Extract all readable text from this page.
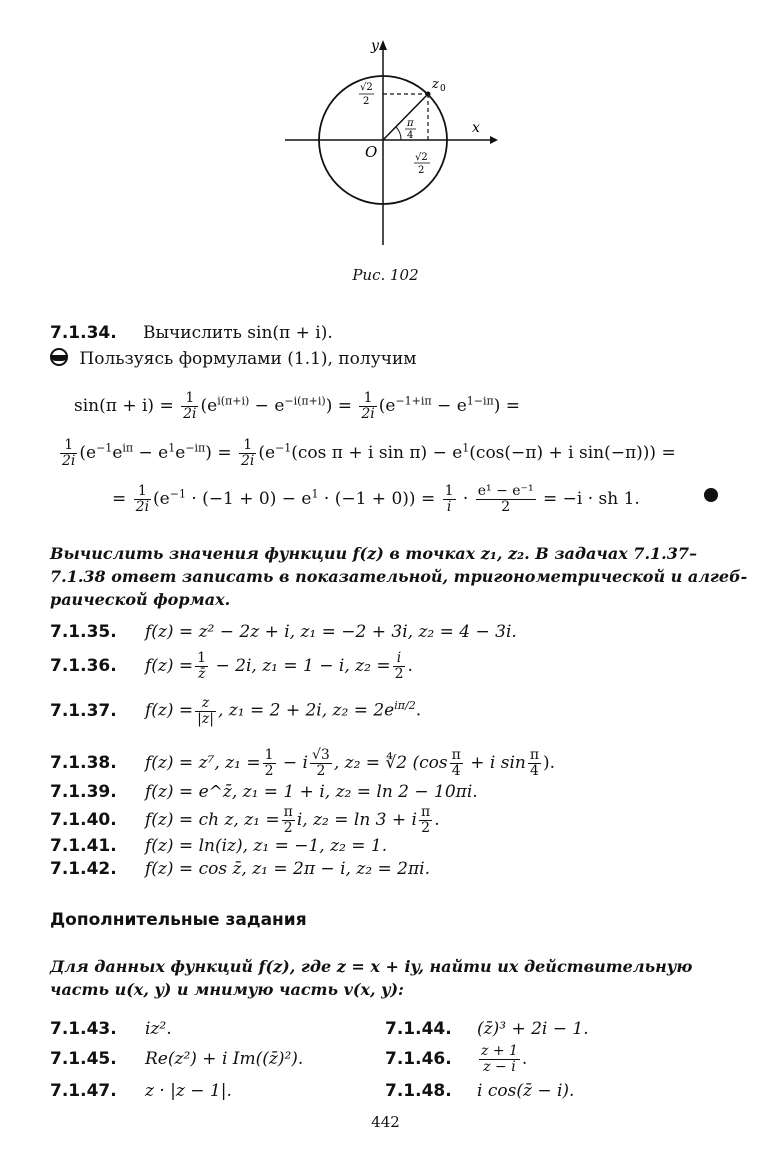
y
x
O
z 0
√2
2
√2
2
π
4
Рис. 102
7.1.34. Вычислить sin(π + i).
Пользуясь формулами (1.1), получим
$\sin(\pi + i) = \frac{1}{2i} (e^{i(\pi+i)} - e^{-i(\pi+i)}) = \frac{1}{2i} (e^{-1+i\pi} - e^{1-i\pi})$ =
$\frac{1}{2i} (e^{-1}e^{i\pi} - e^1e^{-i\pi}) = \frac{1}{2i} (e^{-1}(\cos$ π + i $\sin \pi) - e^1(\cos(-\pi) + i$ sin(−π))) =
= $\frac{1}{2i} (e^{-1} \cdot (-1 + 0) - e^1 \cdot (-1 + 0)) = \frac{1}{i} \cdot \frac{\text{e¹ − e⁻¹}}{2} = -i$ · sh 1.
Вычислить значения функции f(z) в точках z₁, z₂. В задачах 7.1.37–
7.1.38 ответ записать в показательной, тригонометрической и алгеб-
раической формах.
7.1.35. f(z) = z² − 2z + i, z₁ = −2 + 3i, z₂ = 4 − 3i.
7.1.36. $f(z) = \frac{1}{z̄} - 2i$, z₁ = 1 − i, $z_2 = \frac{i}{2}$ .
7.1.37. $f(z) = \frac{z}{|z|}$ , z₁ = 2 + 2i, $z_2 = 2e^{i\pi/2}$.
7.1.38. f(z) = z⁷, $z_1 = \frac{1}{2} - i \frac{√3}{2}$ , z₂ = ∜2 ($\cos \frac{\pi}{4} + i$ $\sin \frac{\pi}{4}$ ).
7.1.39. f(z) = e^z̄, z₁ = 1 + i, z₂ = ln 2 − 10πi.
7.1.40. f(z) = ch z, $z_1 = \frac{\pi}{2} i$, z₂ = ln 3 + i $\frac{\pi}{2}$ .
7.1.41. f(z) = ln(iz), z₁ = −1, z₂ = 1.
7.1.42. f(z) = cos z̄, z₁ = 2π − i, z₂ = 2πi.
Дополнительные задания
Для данных функций f(z), где z = x + iy, найти их действительную
часть u(x, y) и мнимую часть v(x, y):
7.1.43. iz².	7.1.44. (z̄)³ + 2i − 1.
7.1.45. Re(z²) + i Im((z̄)²).	7.1.46. $\frac{z + 1}{z - i}$ .
7.1.47. z · |z − 1|.	7.1.48. i cos(z̄ − i).
442
